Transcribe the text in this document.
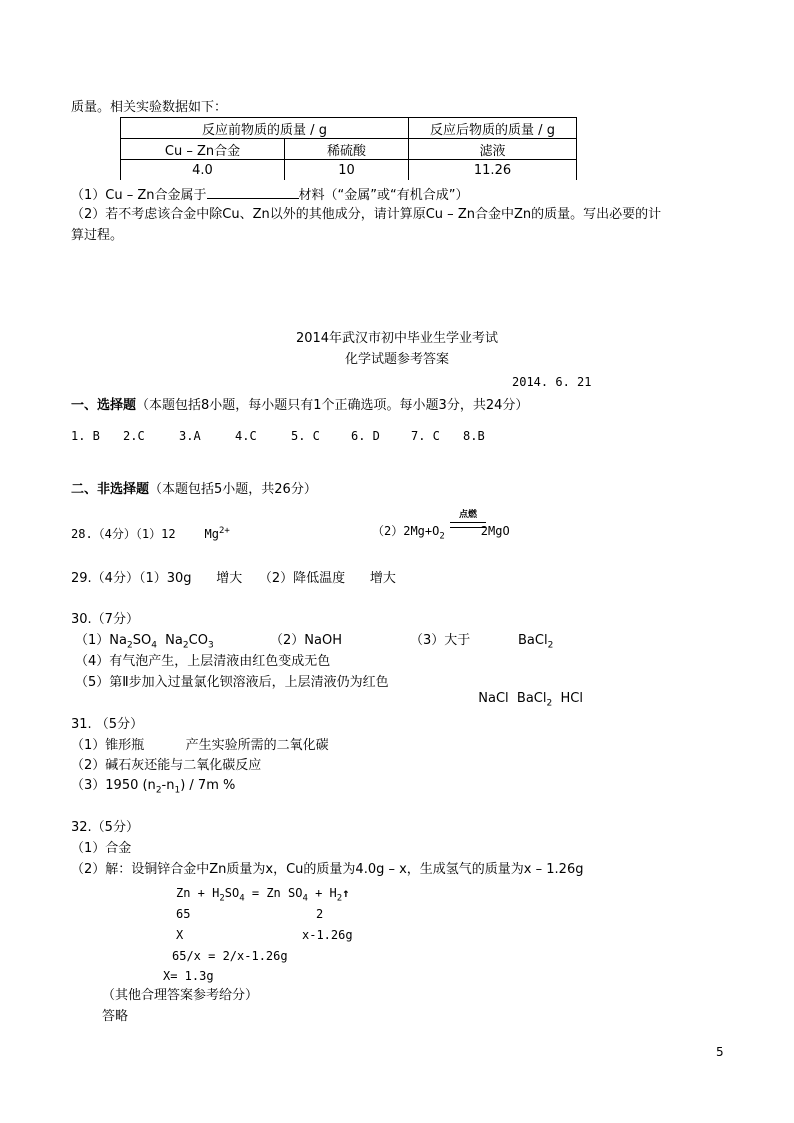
质量。相关实验数据如下：
反应前物质的质量 / g		反应后物质的质量 / g
Cu – Zn合金	稀硫酸	滤液
4.0	10	11.26
（1）Cu – Zn合金属于	材料（“金属”或“有机合成”）
（2）若不考虑该合金中除Cu、Zn以外的其他成分，请计算原Cu – Zn合金中Zn的质量。写出必要的计
算过程。
2014年武汉市初中毕业生学业考试
化学试题参考答案
2014. 6. 21
一、选择题（本题包括8小题，每小题只有1个正确选项。每小题3分，共24分）
1. B 2.C	3.A	4.C	5. C	6. D	7. C 8.B
二、非选择题（本题包括5小题，共26分）
28.（4分）（1）12 $Mg^{2+}$	$(2)2Mg+O_2$	2MgO
点燃
29.（4分）（1）30g      增大    （2）降低温度      增大
30.（7分）
$(1)Na_2SO_4$  $Na_2CO_3$	（2）NaOH	（3）大于	BaCl$_2$
（4）有气泡产生，上层清液由红色变成无色
（5）第Ⅱ步加入过量氯化钡溶液后，上层清液仍为红色

NaCl  BaCl$_2$  HCl

31. （5分）
（1）锥形瓶          产生实验所需的二氧化碳
（2）碱石灰还能与二氧化碳反应
（3）1950 $(n_2-n_1) / 7m$ %
32.（5分）
（1）合金
（2）解：设铜锌合金中Zn质量为x，Cu的质量为4.0g – x，生成氢气的质量为x – 1.26g
$Zn + H_2SO_4 = Zn$ $SO_4$ + $H_2↑$
65	2
X	x-1.26g
65/x = 2/x-1.26g
X= 1.3g
（其他合理答案参考给分）
答略
5
